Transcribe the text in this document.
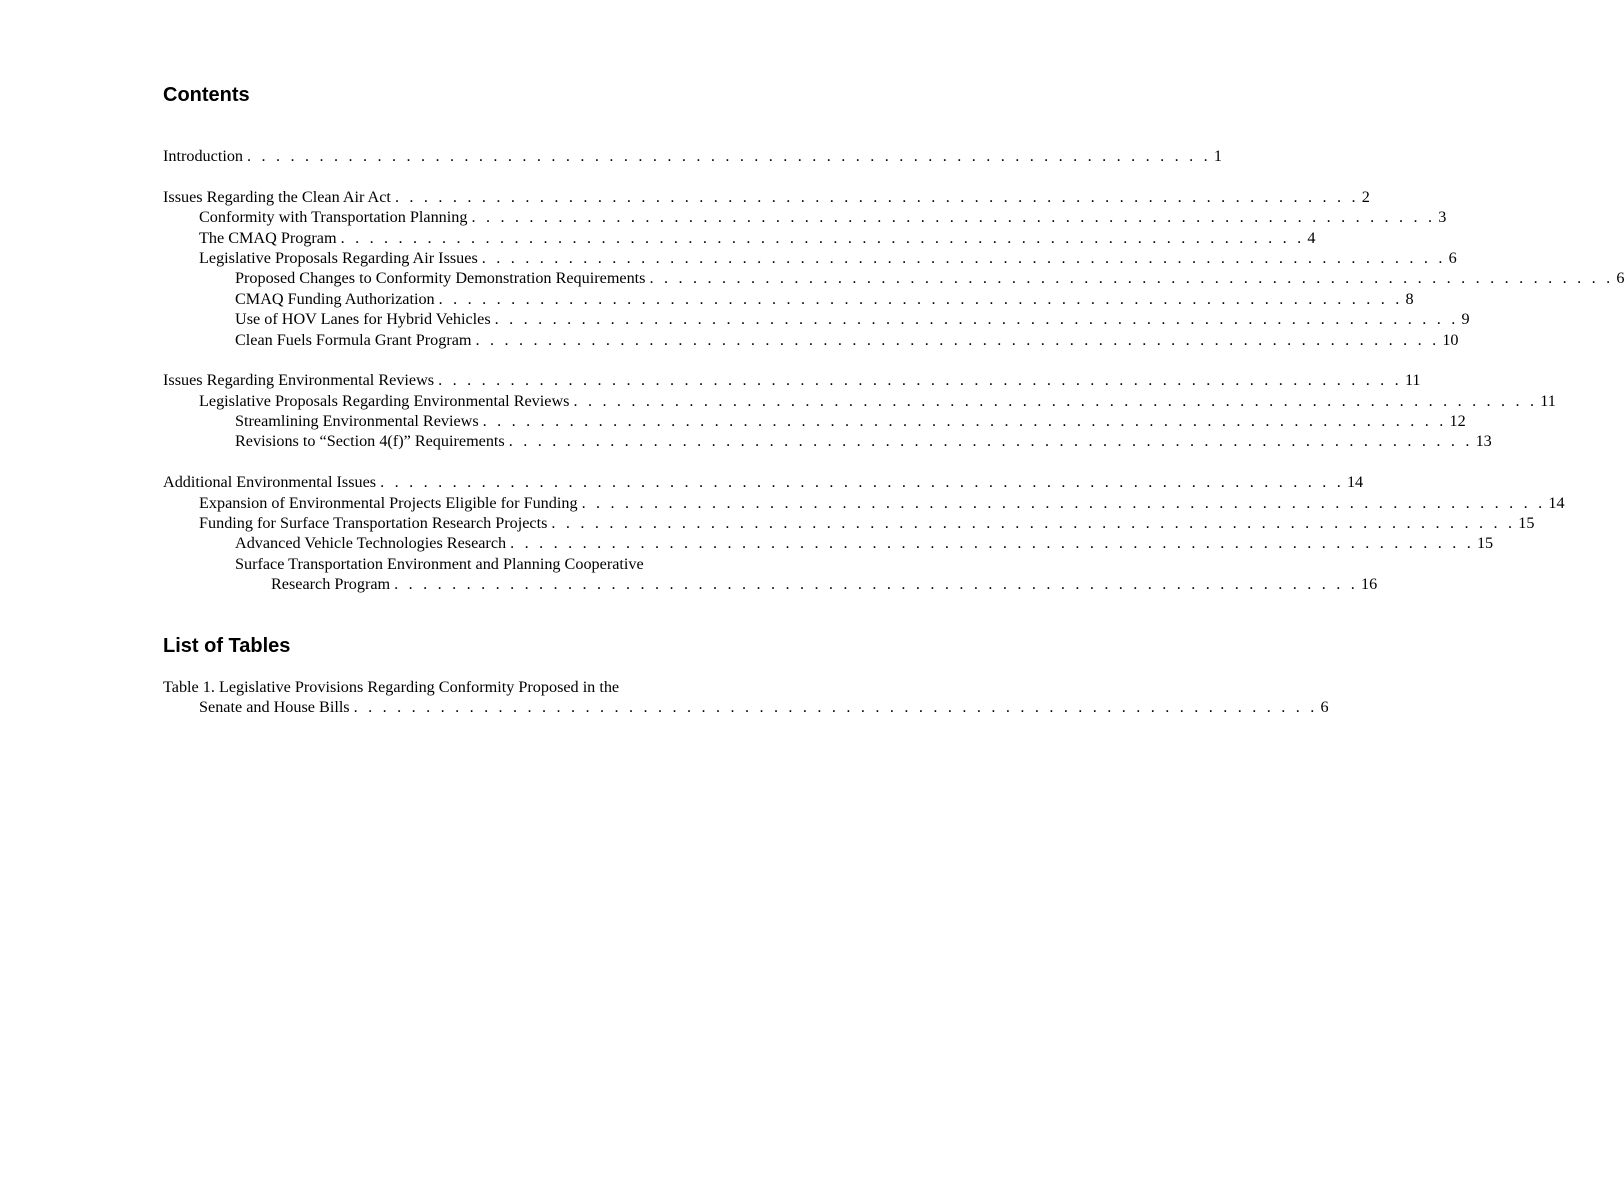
Contents
Introduction . . . . . . . . . . . . . . . . . . . . . . . . . . . . . . . . . . . . . . . . . . . . . . . . . . . . . . . . . . . . . . . . . . . 1
Issues Regarding the Clean Air Act . . . . . . . . . . . . . . . . . . . . . . . . . . . . . . . . . . . . . . . . . . . . . . . . . . . . . . . . . . . . . . . . . . . 2
Conformity with Transportation Planning . . . . . . . . . . . . . . . . . . . . . . . . . . . . . . . . . . . . . . . . . . . . . . . . . . . . . . . . . . . . . . . . . . . 3
The CMAQ Program . . . . . . . . . . . . . . . . . . . . . . . . . . . . . . . . . . . . . . . . . . . . . . . . . . . . . . . . . . . . . . . . . . . 4
Legislative Proposals Regarding Air Issues . . . . . . . . . . . . . . . . . . . . . . . . . . . . . . . . . . . . . . . . . . . . . . . . . . . . . . . . . . . . . . . . . . . 6
Proposed Changes to Conformity Demonstration Requirements . . . . . . . . . . . . . . . . . . . . . . . . . . . . . . . . . . . . . . . . . . . . . . . . . . . . . . . . . . . . . . . . . . . 6
CMAQ Funding Authorization . . . . . . . . . . . . . . . . . . . . . . . . . . . . . . . . . . . . . . . . . . . . . . . . . . . . . . . . . . . . . . . . . . . 8
Use of HOV Lanes for Hybrid Vehicles . . . . . . . . . . . . . . . . . . . . . . . . . . . . . . . . . . . . . . . . . . . . . . . . . . . . . . . . . . . . . . . . . . . 9
Clean Fuels Formula Grant Program . . . . . . . . . . . . . . . . . . . . . . . . . . . . . . . . . . . . . . . . . . . . . . . . . . . . . . . . . . . . . . . . . . . 10
Issues Regarding Environmental Reviews . . . . . . . . . . . . . . . . . . . . . . . . . . . . . . . . . . . . . . . . . . . . . . . . . . . . . . . . . . . . . . . . . . . 11
Legislative Proposals Regarding Environmental Reviews . . . . . . . . . . . . . . . . . . . . . . . . . . . . . . . . . . . . . . . . . . . . . . . . . . . . . . . . . . . . . . . . . . . 11
Streamlining Environmental Reviews . . . . . . . . . . . . . . . . . . . . . . . . . . . . . . . . . . . . . . . . . . . . . . . . . . . . . . . . . . . . . . . . . . . 12
Revisions to “Section 4(f)” Requirements . . . . . . . . . . . . . . . . . . . . . . . . . . . . . . . . . . . . . . . . . . . . . . . . . . . . . . . . . . . . . . . . . . . 13
Additional Environmental Issues . . . . . . . . . . . . . . . . . . . . . . . . . . . . . . . . . . . . . . . . . . . . . . . . . . . . . . . . . . . . . . . . . . . 14
Expansion of Environmental Projects Eligible for Funding . . . . . . . . . . . . . . . . . . . . . . . . . . . . . . . . . . . . . . . . . . . . . . . . . . . . . . . . . . . . . . . . . . . 14
Funding for Surface Transportation Research Projects . . . . . . . . . . . . . . . . . . . . . . . . . . . . . . . . . . . . . . . . . . . . . . . . . . . . . . . . . . . . . . . . . . . 15
Advanced Vehicle Technologies Research . . . . . . . . . . . . . . . . . . . . . . . . . . . . . . . . . . . . . . . . . . . . . . . . . . . . . . . . . . . . . . . . . . . 15
Surface Transportation Environment and Planning Cooperative
Research Program . . . . . . . . . . . . . . . . . . . . . . . . . . . . . . . . . . . . . . . . . . . . . . . . . . . . . . . . . . . . . . . . . . . 16
List of Tables
Table 1. Legislative Provisions Regarding Conformity Proposed in the
Senate and House Bills . . . . . . . . . . . . . . . . . . . . . . . . . . . . . . . . . . . . . . . . . . . . . . . . . . . . . . . . . . . . . . . . . . . 6
